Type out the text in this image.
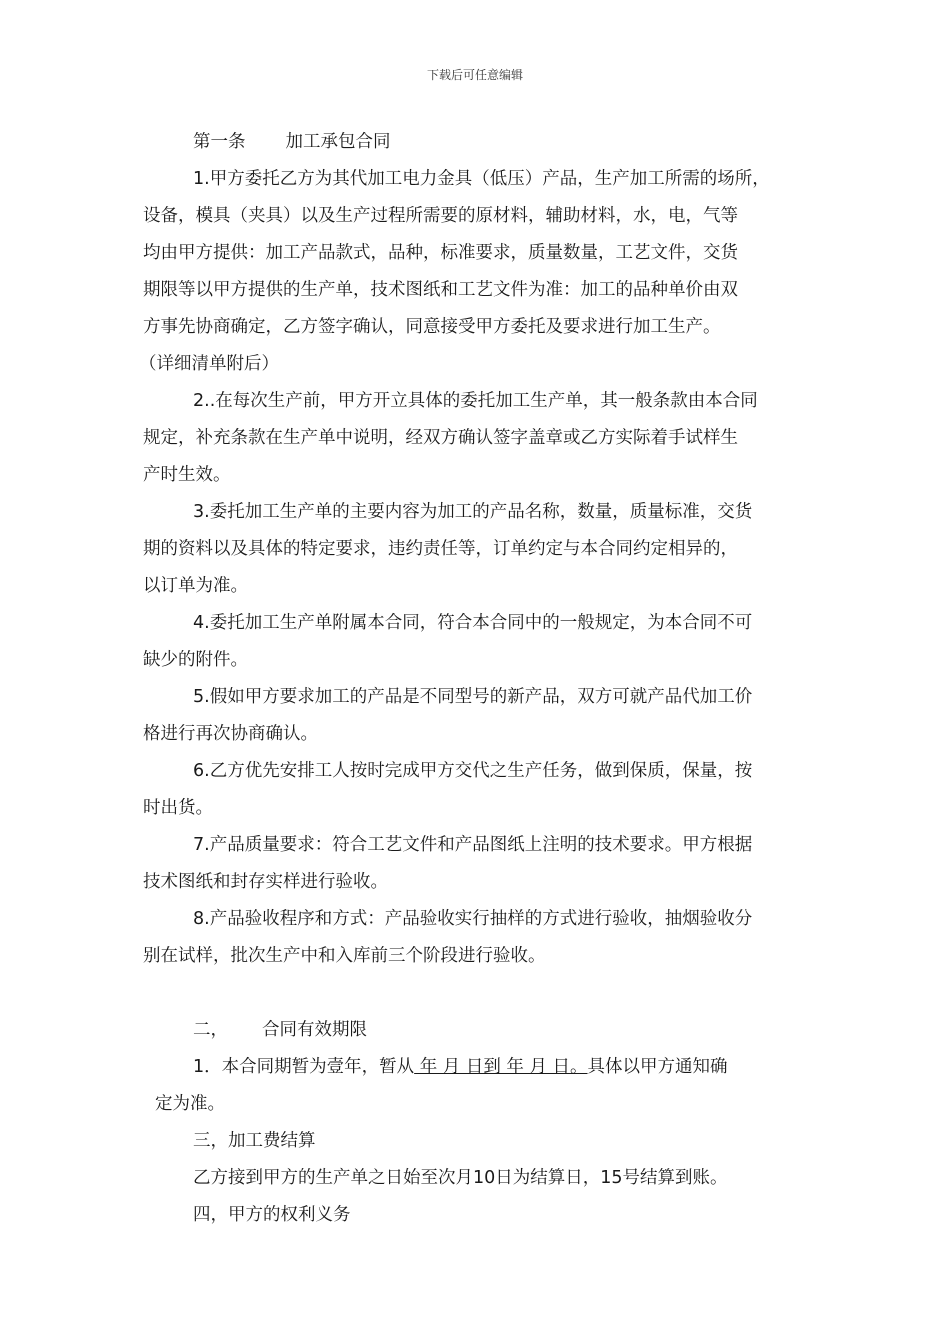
下载后可任意编辑
第一条 加工承包合同
1.甲方委托乙方为其代加工电力金具（低压）产品，生产加工所需的场所，
设备，模具（夹具）以及生产过程所需要的原材料，辅助材料，水，电，气等
均由甲方提供：加工产品款式，品种，标准要求，质量数量，工艺文件，交货
期限等以甲方提供的生产单，技术图纸和工艺文件为准：加工的品种单价由双
方事先协商确定，乙方签字确认，同意接受甲方委托及要求进行加工生产。
（详细清单附后）
2..在每次生产前，甲方开立具体的委托加工生产单，其一般条款由本合同
规定，补充条款在生产单中说明，经双方确认签字盖章或乙方实际着手试样生
产时生效。
3.委托加工生产单的主要内容为加工的产品名称，数量，质量标准，交货
期的资料以及具体的特定要求，违约责任等，订单约定与本合同约定相异的，
以订单为准。
4.委托加工生产单附属本合同，符合本合同中的一般规定，为本合同不可
缺少的附件。
5.假如甲方要求加工的产品是不同型号的新产品，双方可就产品代加工价
格进行再次协商确认。
6.乙方优先安排工人按时完成甲方交代之生产任务，做到保质，保量，按
时出货。
7.产品质量要求：符合工艺文件和产品图纸上注明的技术要求。甲方根据
技术图纸和封存实样进行验收。
8.产品验收程序和方式：产品验收实行抽样的方式进行验收，抽烟验收分
别在试样，批次生产中和入库前三个阶段进行验收。
二， 合同有效期限
1．本合同期暂为壹年，暂从 年 月 日到 年 月 日。具体以甲方通知确
定为准。
三，加工费结算
乙方接到甲方的生产单之日始至次月10日为结算日，15号结算到账。
四，甲方的权利义务
